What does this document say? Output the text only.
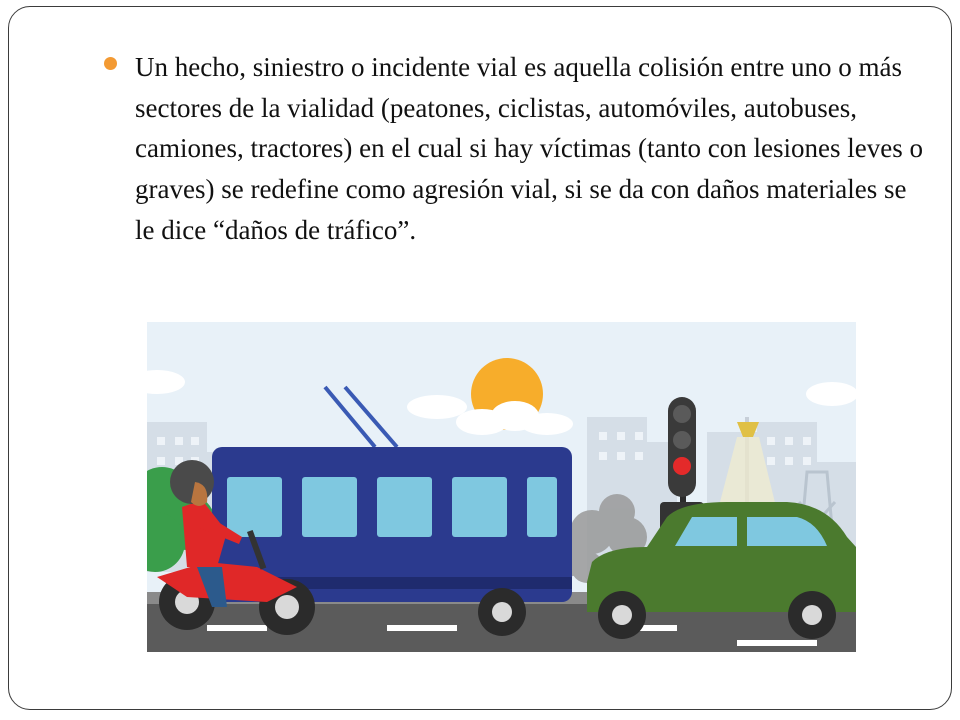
Un hecho, siniestro o incidente vial es aquella colisión entre uno o más sectores de la vialidad (peatones, ciclistas, automóviles, autobuses, camiones, tractores) en el cual si hay víctimas (tanto con lesiones leves o graves) se redefine como agresión vial, si se da con daños materiales se le dice “daños de tráfico”.
